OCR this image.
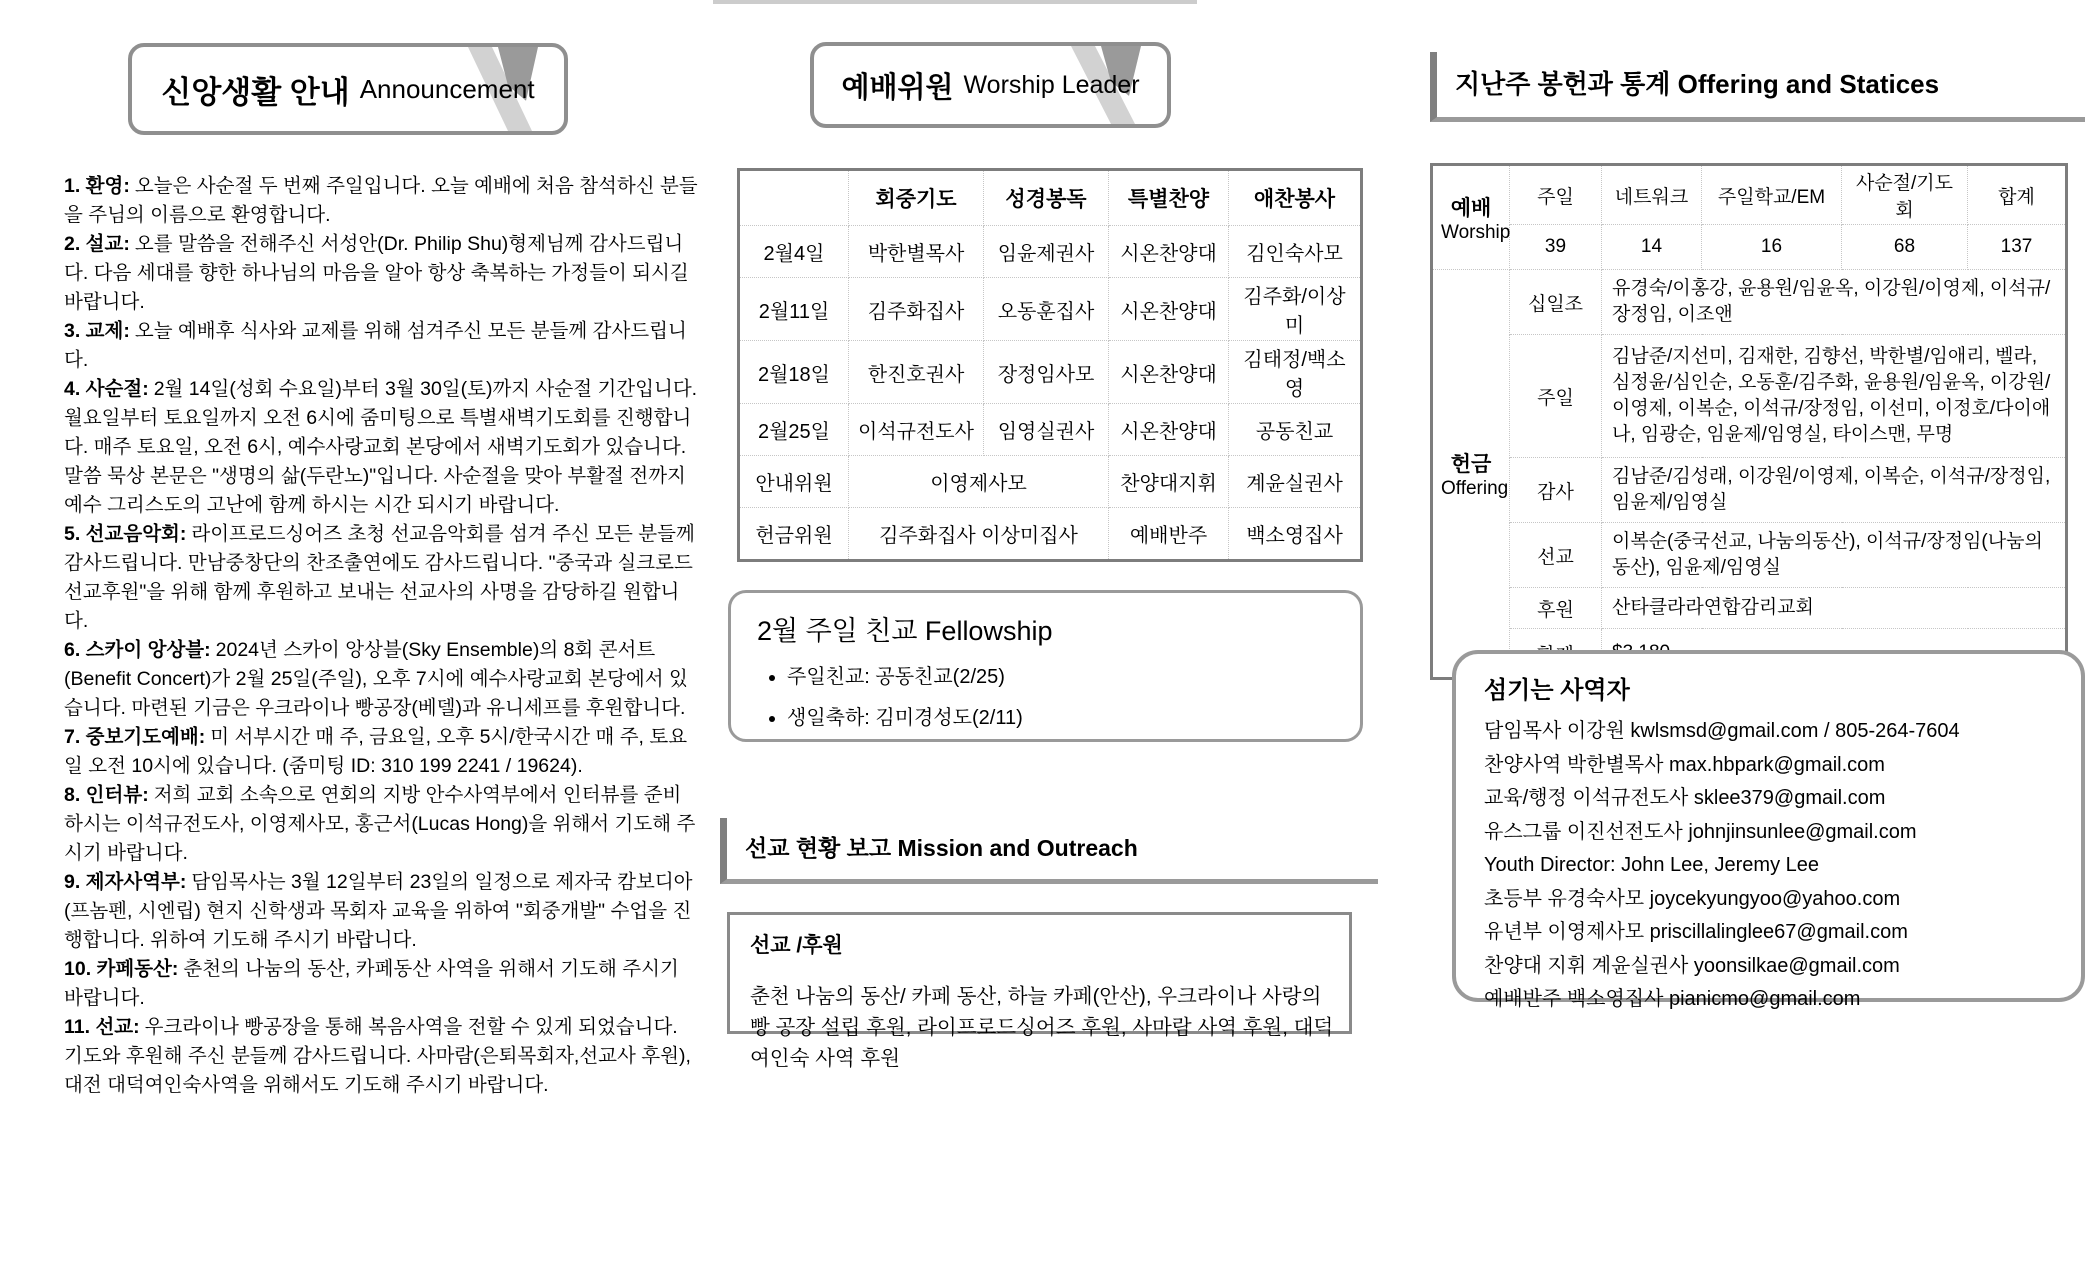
신앙생활 안내 Announcement

1. 환영: 오늘은 사순절 두 번째 주일입니다. 오늘 예배에 처음 참석하신 분들을 주님의 이름으로 환영합니다.

2. 설교: 오를 말씀을 전해주신 서성안(Dr. Philip Shu)형제님께 감사드립니다. 다음 세대를 향한 하나님의 마음을 알아 항상 축복하는 가정들이 되시길 바랍니다.

3. 교제: 오늘 예배후 식사와 교제를 위해 섬겨주신 모든 분들께 감사드립니다.

4. 사순절: 2월 14일(성회 수요일)부터 3월 30일(토)까지 사순절 기간입니다. 월요일부터 토요일까지 오전 6시에 줌미팅으로 특별새벽기도회를 진행합니다. 매주 토요일, 오전 6시, 예수사랑교회 본당에서 새벽기도회가 있습니다. 말씀 묵상 본문은 "생명의 삶(두란노)"입니다. 사순절을 맞아 부활절 전까지 예수 그리스도의 고난에 함께 하시는 시간 되시기 바랍니다.

5. 선교음악회: 라이프로드싱어즈 초청 선교음악회를 섬겨 주신 모든 분들께 감사드립니다. 만남중창단의 찬조출연에도 감사드립니다. "중국과 실크로드 선교후원"을 위해 함께 후원하고 보내는 선교사의 사명을 감당하길 원합니다.

6. 스카이 앙상블: 2024년 스카이 앙상블(Sky Ensemble)의 8회 콘서트(Benefit Concert)가 2월 25일(주일), 오후 7시에 예수사랑교회 본당에서 있습니다. 마련된 기금은 우크라이나 빵공장(베델)과 유니세프를 후원합니다.

7. 중보기도예배: 미 서부시간 매 주, 금요일, 오후 5시/한국시간 매 주, 토요일 오전 10시에 있습니다. (줌미팅 ID: 310 199 2241 / 19624).

8. 인터뷰: 저희 교회 소속으로 연회의 지방 안수사역부에서 인터뷰를 준비하시는 이석규전도사, 이영제사모, 홍근서(Lucas Hong)을 위해서 기도해 주시기 바랍니다.

9. 제자사역부: 담임목사는 3월 12일부터 23일의 일정으로 제자국 캄보디아(프놈펜, 시엔립) 현지 신학생과 목회자 교육을 위하여 "회중개발" 수업을 진행합니다. 위하여 기도해 주시기 바랍니다.

10. 카페동산: 춘천의 나눔의 동산, 카페동산 사역을 위해서 기도해 주시기 바랍니다.

11. 선교: 우크라이나 빵공장을 통해 복음사역을 전할 수 있게 되었습니다. 기도와 후원해 주신 분들께 감사드립니다. 사마람(은퇴목회자,선교사 후원), 대전 대덕여인숙사역을 위해서도 기도해 주시기 바랍니다.

예배위원 Worship Leader
	회중기도	성경봉독	특별찬양	애찬봉사
2월4일	박한별목사	임윤제권사	시온찬양대	김인숙사모
2월11일	김주화집사	오동훈집사	시온찬양대	김주화/이상미
2월18일	한진호권사	장정임사모	시온찬양대	김태정/백소영
2월25일	이석규전도사	임영실권사	시온찬양대	공동친교
안내위원	이영제사모		찬양대지휘	계윤실권사
헌금위원	김주화집사 이상미집사		예배반주	백소영집사
2월 주일 친교 Fellowship
• 주일친교: 공동친교(2/25)
• 생일축하: 김미경성도(2/11)
선교 현황 보고 Mission and Outreach
선교 /후원
춘천 나눔의 동산/ 카페 동산, 하늘 카페(안산), 우크라이나 사랑의 빵 공장 설립 후원, 라이프로드싱어즈 후원, 사마람 사역 후원, 대덕 여인숙 사역 후원
지난주 봉헌과 통계 Offering and Statices
예배
Worship	주일	네트워크	주일학교/EM	사순절/기도회	합계
	39	14	16	68	137

헌금
Offering	십일조	유경숙/이홍강, 윤용원/임윤옥, 이강원/이영제, 이석규/장정임, 이조앤			
	주일	김남준/지선미, 김재한, 김향선, 박한별/임애리, 벨라, 심정윤/심인순, 오동훈/김주화, 윤용원/임윤옥, 이강원/이영제, 이복순, 이석규/장정임, 이선미, 이정호/다이애나, 임광순, 임윤제/임영실, 타이스맨, 무명			
	감사	김남준/김성래, 이강원/이영제, 이복순, 이석규/장정임, 임윤제/임영실			
	선교	이복순(중국선교, 나눔의동산), 이석규/장정임(나눔의 동산), 임윤제/임영실			
	후원	산타클라라연합감리교회			

섬기는 사역자
담임목사 이강원 kwlsmsd@gmail.com / 805-264-7604
찬양사역 박한별목사 max.hbpark@gmail.com
교육/행정 이석규전도사 sklee379@gmail.com
유스그룹 이진선전도사 johnjinsunlee@gmail.com
Youth Director: John Lee, Jeremy Lee
초등부 유경숙사모 joycekyungyoo@yahoo.com
유년부 이영제사모 priscillalinglee67@gmail.com
찬양대 지휘 계윤실권사 yoonsilkae@gmail.com
예배반주 백소영집사 pianicmo@gmail.com
